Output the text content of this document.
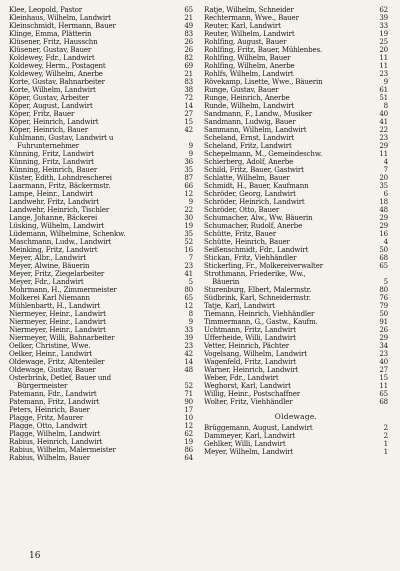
Klee, Leopold, Pastor	65
Kleinhaus, Wilhelm, Landwirt	21
Kleinschmidt, Hermann, Bauer	49
Klinge, Emma, Plätterin	83
Klüsener, Fritz, Hausschn	26
Klüsener, Gustav, Bauer	26
Koldewey, Fdr., Landwirt	82
Koldewey, Herm., Postagent	69
Koldewey, Wilhelm, Anerbe	21
Korte, Gustav, Bahnarbeiter	83
Korte, Wilhelm, Landwirt	38
Köper, Gustav, Arbeiter	72
Köper, August, Landwirt	14
Köper, Fritz, Bauer	27
Köper, Heinrich, Landwirt	15
Köper, Heinrich, Bauer	42
Kuhlmann, Gustav, Landwirt u
Fuhrunternehmer	9
Künning, Fritz, Landwirt	9
Künning, Fritz, Landwirt	36
Künning, Heinrich, Bauer	35
Küster, Edith, Lohndrescherei	87
Laarmann, Fritz, Bäckermstr.	66
Lampe, Heinr., Landwirt	12
Landwehr, Fritz, Landwirt	9
Landwehr, Heinrich, Tischler	22
Lange, Johanne, Bäckerei	30
Lüsking, Wilhelm, Landwirt	19
Lüdemann, Wilhelmine, Schenkw.	35
Maschmann, Ludw., Landwirt	52
Meinking, Fritz, Landwirt	16
Meyer, Albr., Landwirt	7
Meyer, Alwine, Bäuerin	23
Meyer, Fritz, Ziegelarbeiter	41
Meyer, Fdr., Landwirt	5
Mohrmann, H., Zimmermeister	80
Molkerei Karl Niemann	65
Mühlenbartt, H., Landwirt	12
Niermeyer, Heinr., Landwirt	8
Niermeyer, Heinr., Landwirt	9
Niermeyer, Heinr., Landwirt	33
Niermeyer, Willi, Bahnarbeiter	39
Oelker, Christine, Wwe.	23
Oelker, Heinr., Landwirt	42
Oldewage, Fritz, Altenteiler	14
Oldewage, Gustav, Bauer	48
Osterbrink, Detlef, Bauer und
Bürgermeister	52
Patemann, Fdr., Landwirt	71
Patemann, Fritz, Landwirt	90
Peters, Heinrich, Bauer	17
Plagge, Fritz, Maurer	10
Plagge, Otto, Landwirt	12
Plagge, Wilhelm, Landwirt	62
Rabius, Heinrich, Landwirt	19
Rabius, Wilhelm, Malermeister	86
Rabius, Wilhelm, Bauer	64
Ratje, Wilhelm, Schneider	62
Rechtermann, Wwe., Bauer	39
Reuter, Karl, Landwirt	33
Reuter, Wilhelm, Landwirt	19
Rohlfing, August, Bauer	25
Rohlfing, Fritz, Bauer, Mühlenbes.	20
Rohlfing, Wilhelm, Bauer	11
Rohlfing, Wilhelm, Anerbe	11
Rohlfs, Wilhelm, Landwirt	23
Rövekamp, Lisette, Wwe., Bäuerin	9
Runge, Gustav, Bauer	61
Runge, Heinrich, Anerbe	51
Runde, Wilhelm, Landwirt	8
Sandmann, F., Landw., Musiker	40
Sandmann, Ludwig, Bauer	41
Sammann, Wilhelm, Landwirt	22
Scheland, Ernst, Landwirt	23
Scheland, Fritz, Landwirt	29
Schepelmann, M., Gemeindeschw.	11
Schierberg, Adolf, Anerbe	4
Schild, Fritz, Bauer, Gastwirt	7
Schlatte, Wilhelm, Bauer	20
Schmidt, H., Bauer, Kaufmann	35
Schröder, Georg, Landwirt	6
Schröder, Heinrich, Landwirt	18
Schröder, Otto, Bauer	48
Schumacher, Alw., Ww. Bäuerin	29
Schumacher, Rudolf, Anerbe	29
Schütte, Fritz, Bauer	16
Schütte, Heinrich, Bauer	4
Seißenschmidt, Fdr., Landwirt	50
Stickan, Fritz, Viehhändler	68
Stickerling, Fr., Molkereiverwalter	65
Strothmann, Friederike, Ww.,
Bäuerin	5
Sturenburg, Elbert, Malermstr.	80
Südbrink, Karl, Schneidermstr.	76
Tatje, Karl, Landwirt	79
Tiemann, Heinrich, Viehhändler	50
Timmermann, G., Gastw., Kaufm.	91
Uchtmann, Fritz, Landwirt	26
Ufferheide, Willi, Landwirt	29
Vetter, Heinrich, Pächter	34
Vogelsang, Wilhelm, Landwirt	23
Wagenfeld, Fritz, Landwirt	40
Warner, Heinrich, Landwirt	27
Weber, Fdr., Landwirt	15
Weghorst, Karl, Landwirt	11
Willig, Heinr., Postschaffner	65
Wolter, Fritz, Viehhändler	68
Oldewage.
Brüggemann, August, Landwirt	2
Dammeyer, Karl, Landwirt	2
Gehlker, Willi, Landwirt	1
Meyer, Wilhelm, Landwirt	1
16
